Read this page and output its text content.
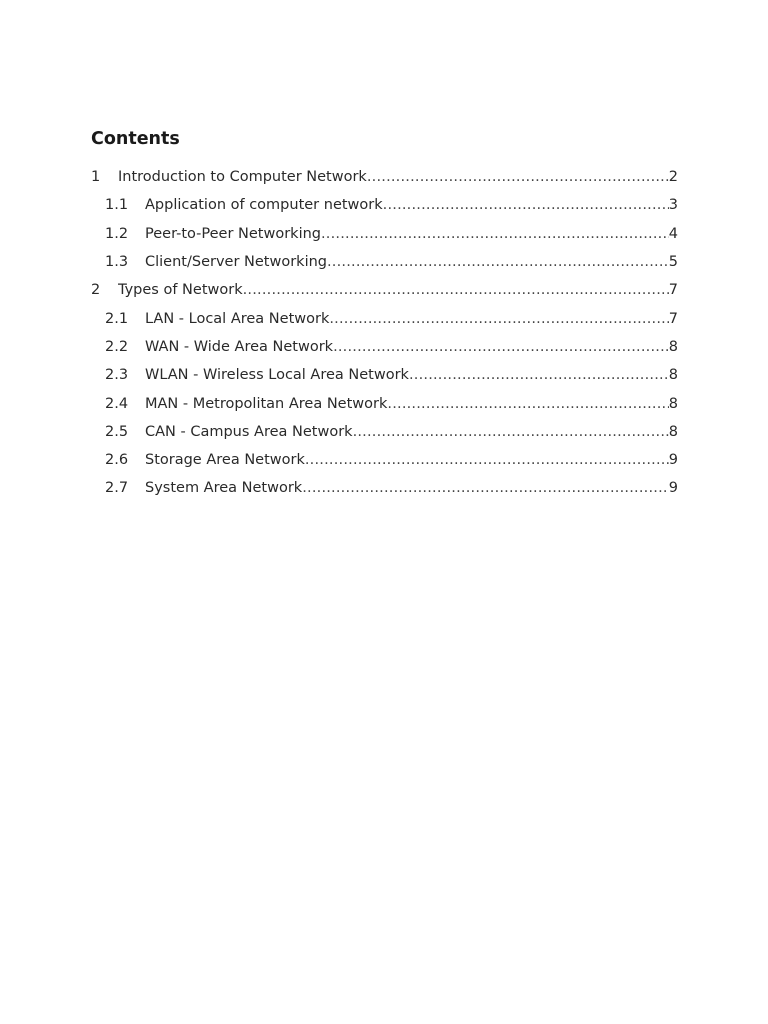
Contents
1 Introduction to Computer Network .....	2
1.1 Application of computer network .....	3
1.2 Peer-to-Peer Networking .....	4
1.3 Client/Server Networking .....	5
2 Types of Network .....	7
2.1 LAN - Local Area Network .....	7
2.2 WAN - Wide Area Network .....	8
2.3 WLAN - Wireless Local Area Network .....	8
2.4 MAN - Metropolitan Area Network .....	8
2.5 CAN - Campus Area Network .....	8
2.6 Storage Area Network .....	9
2.7 System Area Network .....	9
